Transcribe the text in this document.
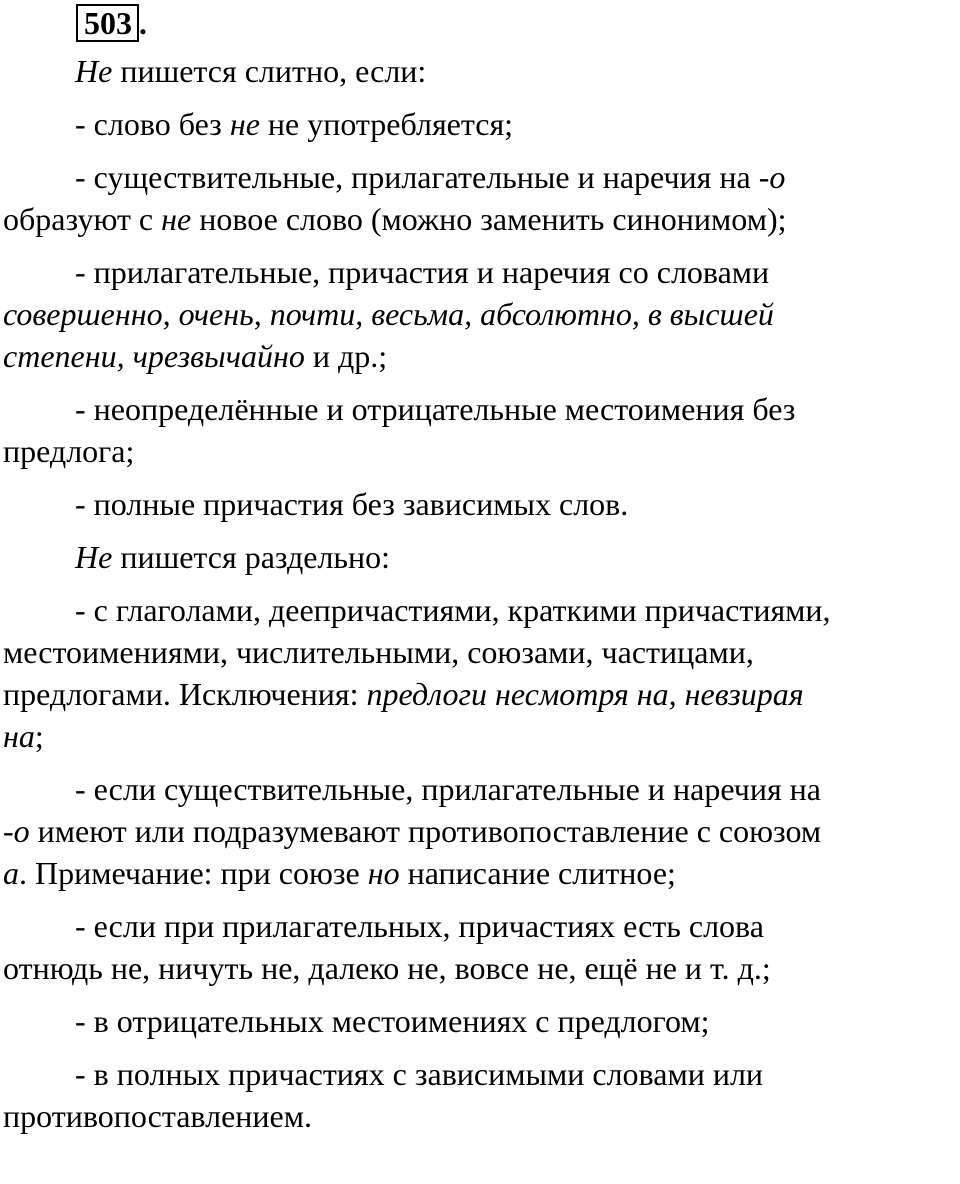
503 .

Не пишется слитно, если:

- слово без не не употребляется;

- существительные, прилагательные и наречия на -о
образуют с не новое слово (можно заменить синонимом);

- прилагательные, причастия и наречия со словами
совершенно, очень, почти, весьма, абсолютно, в высшей
степени, чрезвычайно и др.;

- неопределённые и отрицательные местоимения без
предлога;

- полные причастия без зависимых слов.

Не пишется раздельно:

- с глаголами, деепричастиями, краткими причастиями,
местоимениями, числительными, союзами, частицами,
предлогами. Исключения: предлоги несмотря на, невзирая
на;

- если существительные, прилагательные и наречия на
-о имеют или подразумевают противопоставление с союзом
а. Примечание: при союзе но написание слитное;

- если при прилагательных, причастиях есть слова
отнюдь не, ничуть не, далеко не, вовсе не, ещё не и т. д.;

- в отрицательных местоимениях с предлогом;

- в полных причастиях с зависимыми словами или
противопоставлением.
